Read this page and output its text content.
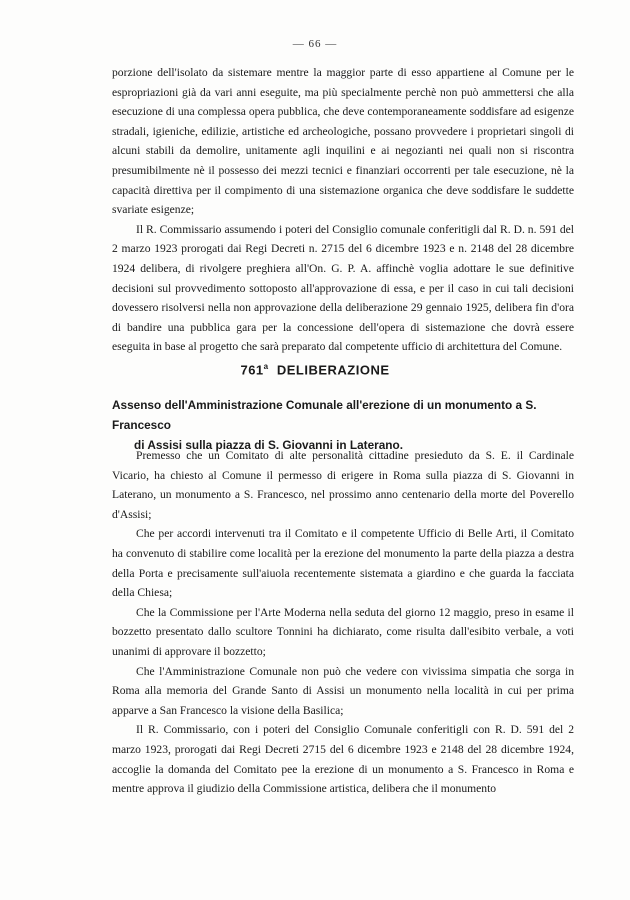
— 66 —

porzione dell'isolato da sistemare mentre la maggior parte di esso appartiene al Comune per le espropriazioni già da vari anni eseguite, ma più specialmente perchè non può ammettersi che alla esecuzione di una complessa opera pubblica, che deve contemporaneamente soddisfare ad esigenze stradali, igieniche, edilizie, artistiche ed archeologiche, possano provvedere i proprietari singoli di alcuni stabili da demolire, unitamente agli inquilini e ai negozianti nei quali non si riscontra presumibilmente nè il possesso dei mezzi tecnici e finanziari occorrenti per tale esecuzione, nè la capacità direttiva per il compimento di una sistemazione organica che deve soddisfare le suddette svariate esigenze;

Il R. Commissario assumendo i poteri del Consiglio comunale conferitigli dal R. D. n. 591 del 2 marzo 1923 prorogati dai Regi Decreti n. 2715 del 6 dicembre 1923 e n. 2148 del 28 dicembre 1924 delibera, di rivolgere preghiera all'On. G. P. A. affinchè voglia adottare le sue definitive decisioni sul provvedimento sottoposto all'approvazione di essa, e per il caso in cui tali decisioni dovessero risolversi nella non approvazione della deliberazione 29 gennaio 1925, delibera fin d'ora di bandire una pubblica gara per la concessione dell'opera di sistemazione che dovrà essere eseguita in base al progetto che sarà preparato dal competente ufficio di architettura del Comune.

761$^a$ DELIBERAZIONE
Assenso dell'Amministrazione Comunale all'erezione di un monumento a S. Francesco
di Assisi sulla piazza di S. Giovanni in Laterano.

Premesso che un Comitato di alte personalità cittadine presieduto da S. E. il Cardinale Vicario, ha chiesto al Comune il permesso di erigere in Roma sulla piazza di S. Giovanni in Laterano, un monumento a S. Francesco, nel prossimo anno centenario della morte del Poverello d'Assisi;

Che per accordi intervenuti tra il Comitato e il competente Ufficio di Belle Arti, il Comitato ha convenuto di stabilire come località per la erezione del monumento la parte della piazza a destra della Porta e precisamente sull'aiuola recentemente sistemata a giardino e che guarda la facciata della Chiesa;

Che la Commissione per l'Arte Moderna nella seduta del giorno 12 maggio, preso in esame il bozzetto presentato dallo scultore Tonnini ha dichiarato, come risulta dall'esibito verbale, a voti unanimi di approvare il bozzetto;

Che l'Amministrazione Comunale non può che vedere con vivissima simpatia che sorga in Roma alla memoria del Grande Santo di Assisi un monumento nella località in cui per prima apparve a San Francesco la visione della Basilica;

Il R. Commissario, con i poteri del Consiglio Comunale conferitigli con R. D. 591 del 2 marzo 1923, prorogati dai Regi Decreti 2715 del 6 dicembre 1923 e 2148 del 28 dicembre 1924, accoglie la domanda del Comitato pee la erezione di un monumento a S. Francesco in Roma e mentre approva il giudizio della Commissione artistica, delibera che il monumento
